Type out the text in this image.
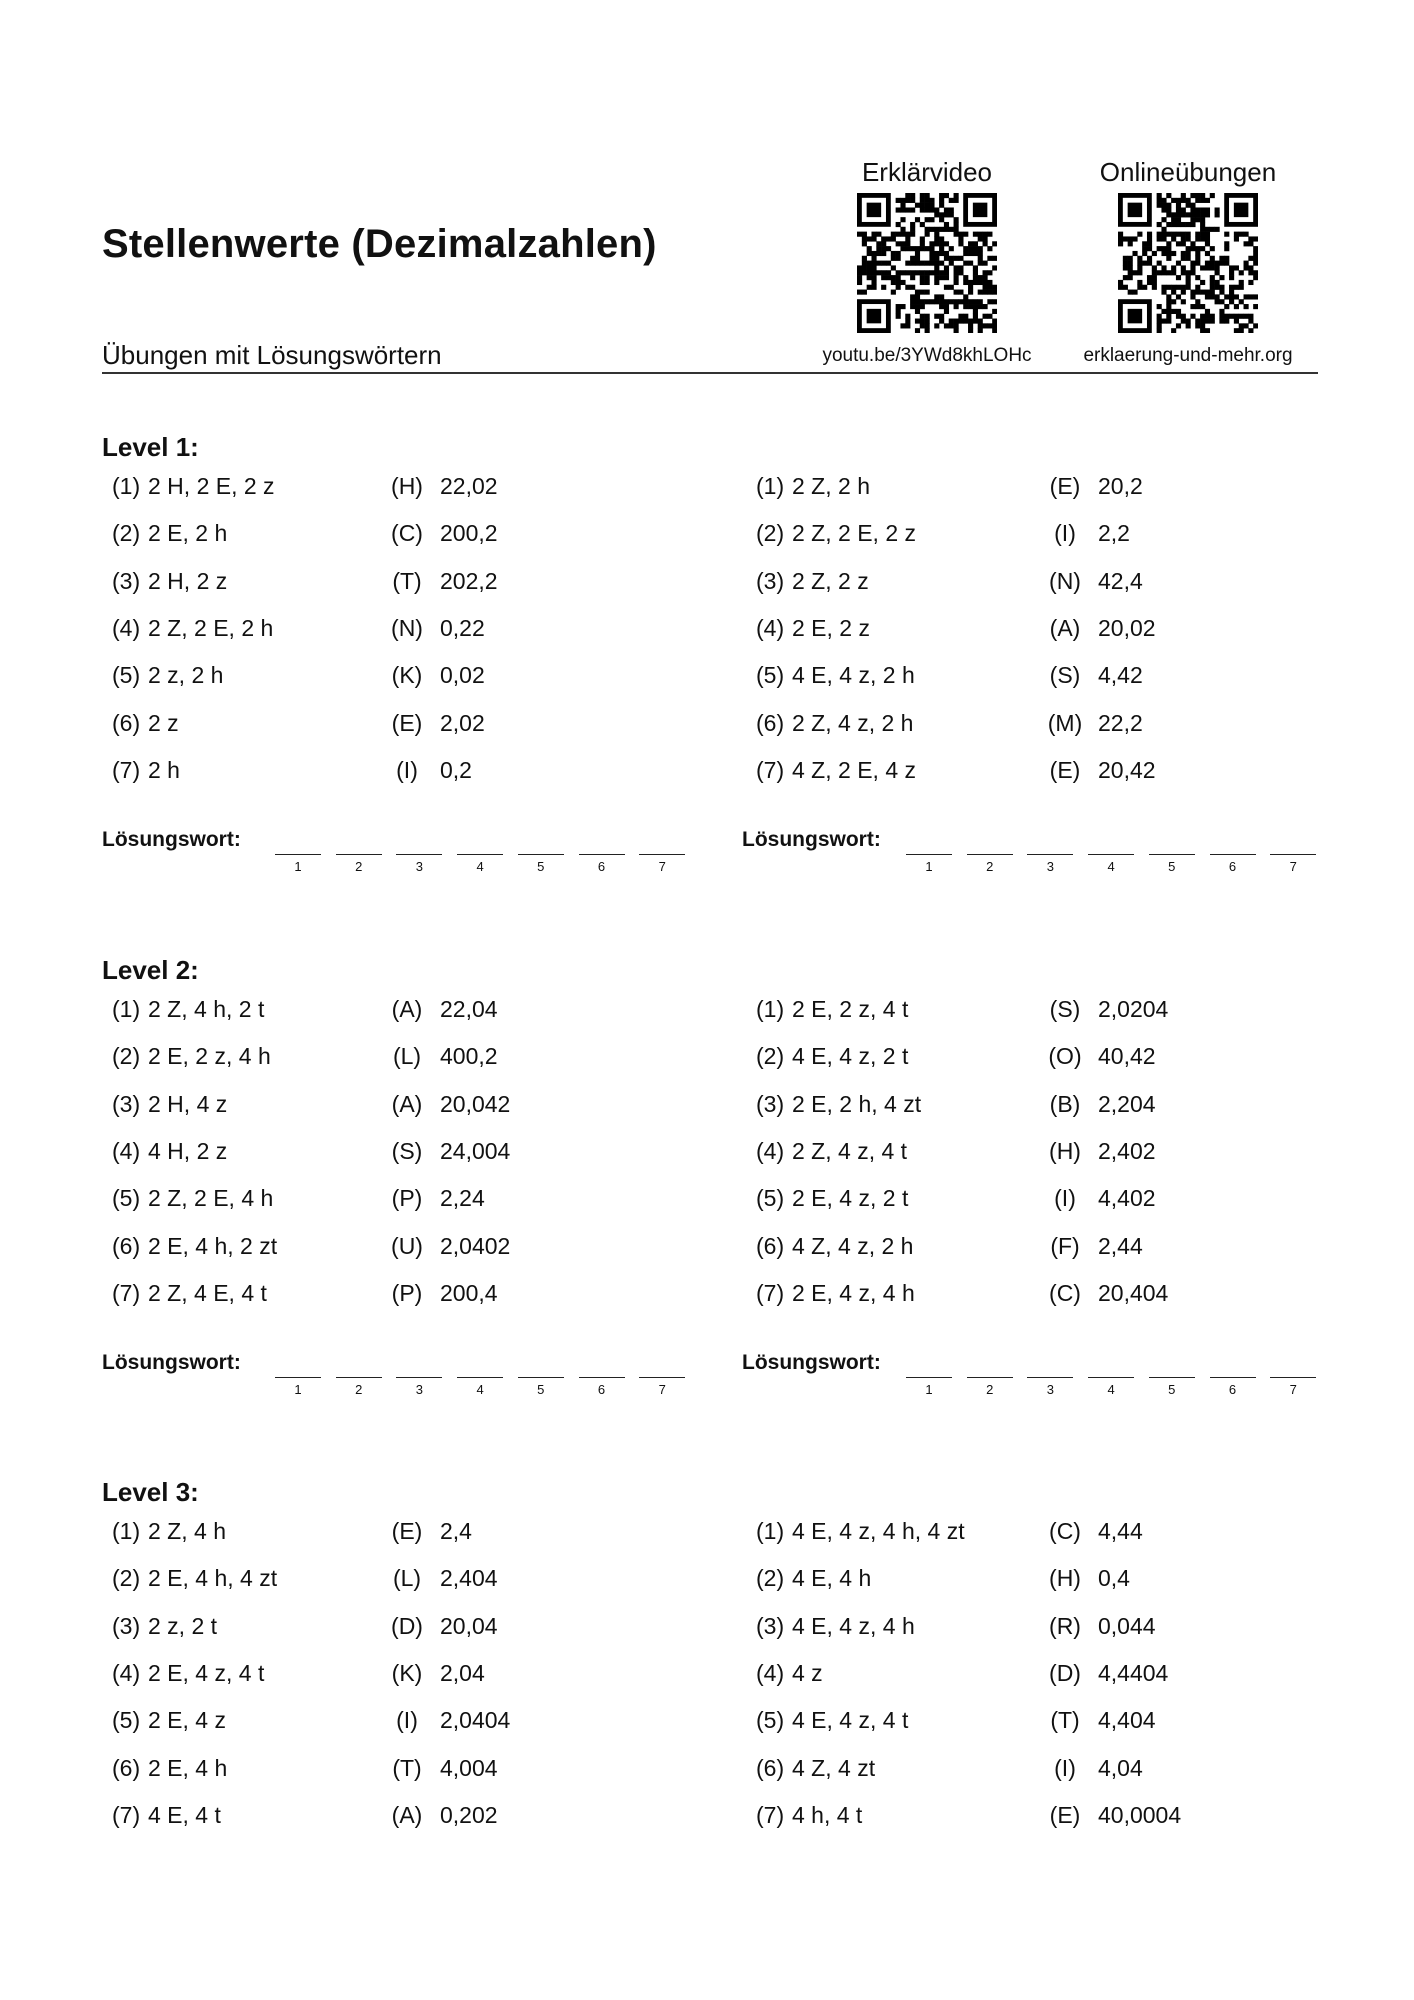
Stellenwerte (Dezimalzahlen)
Übungen mit Lösungswörtern
Erklärvideo
youtu.be/3YWd8khLOHc
Onlineübungen
erklaerung-und-mehr.org
Level 1:
(1) 2 H, 2 E, 2 z	(H) 22,02
(2) 2 E, 2 h	(C) 200,2
(3) 2 H, 2 z	(T) 202,2
(4) 2 Z, 2 E, 2 h	(N) 0,22
(5) 2 z, 2 h	(K) 0,02
(6) 2 z	(E) 2,02
(7) 2 h	(I) 0,2
(1) 2 Z, 2 h	(E) 20,2
(2) 2 Z, 2 E, 2 z	(I) 2,2
(3) 2 Z, 2 z	(N) 42,4
(4) 2 E, 2 z	(A) 20,02
(5) 4 E, 4 z, 2 h	(S) 4,42
(6) 2 Z, 4 z, 2 h	(M) 22,2
(7) 4 Z, 2 E, 4 z	(E) 20,42
Lösungswort:
1	2	3	4	5	6	7
Lösungswort:
1	2	3	4	5	6	7
Level 2:
(1) 2 Z, 4 h, 2 t	(A) 22,04
(2) 2 E, 2 z, 4 h	(L) 400,2
(3) 2 H, 4 z	(A) 20,042
(4) 4 H, 2 z	(S) 24,004
(5) 2 Z, 2 E, 4 h	(P) 2,24
(6) 2 E, 4 h, 2 zt	(U) 2,0402
(7) 2 Z, 4 E, 4 t	(P) 200,4
(1) 2 E, 2 z, 4 t	(S) 2,0204
(2) 4 E, 4 z, 2 t	(O) 40,42
(3) 2 E, 2 h, 4 zt	(B) 2,204
(4) 2 Z, 4 z, 4 t	(H) 2,402
(5) 2 E, 4 z, 2 t	(I) 4,402
(6) 4 Z, 4 z, 2 h	(F) 2,44
(7) 2 E, 4 z, 4 h	(C) 20,404
Lösungswort:
1	2	3	4	5	6	7
Lösungswort:
1	2	3	4	5	6	7
Level 3:
(1) 2 Z, 4 h	(E) 2,4
(2) 2 E, 4 h, 4 zt	(L) 2,404
(3) 2 z, 2 t	(D) 20,04
(4) 2 E, 4 z, 4 t	(K) 2,04
(5) 2 E, 4 z	(I) 2,0404
(6) 2 E, 4 h	(T) 4,004
(7) 4 E, 4 t	(A) 0,202
(1) 4 E, 4 z, 4 h, 4 zt	(C) 4,44
(2) 4 E, 4 h	(H) 0,4
(3) 4 E, 4 z, 4 h	(R) 0,044
(4) 4 z	(D) 4,4404
(5) 4 E, 4 z, 4 t	(T) 4,404
(6) 4 Z, 4 zt	(I) 4,04
(7) 4 h, 4 t	(E) 40,0004
